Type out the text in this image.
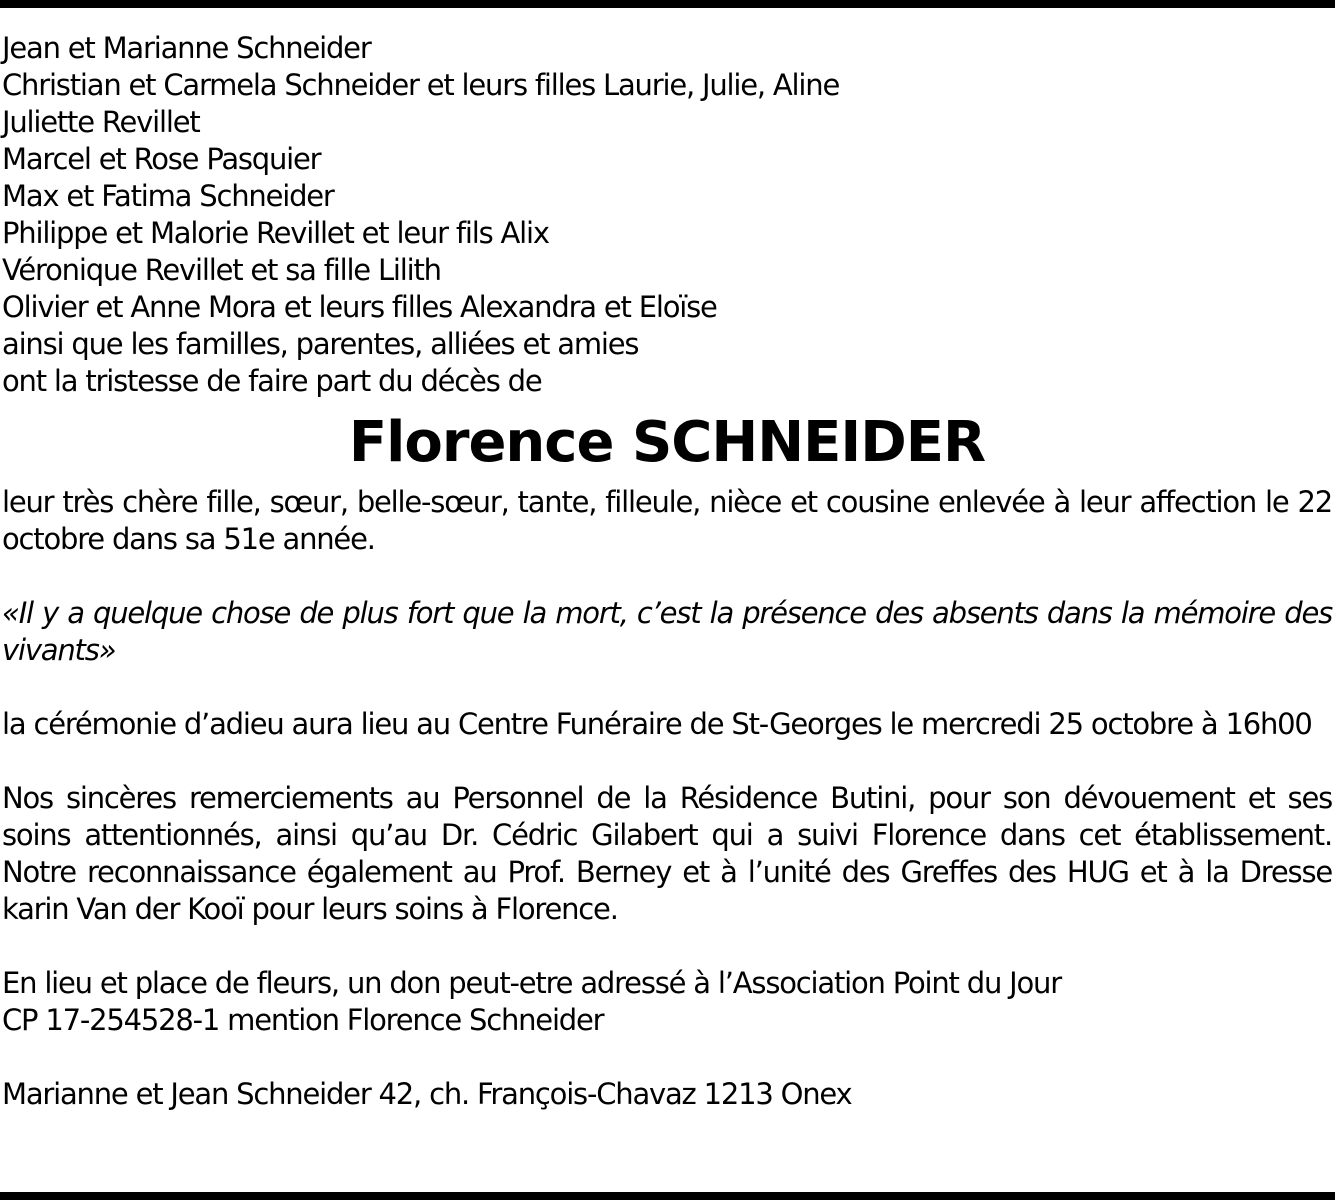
Jean et Marianne Schneider
Christian et Carmela Schneider et leurs filles Laurie, Julie, Aline
Juliette Revillet
Marcel et Rose Pasquier
Max et Fatima Schneider
Philippe et Malorie Revillet et leur fils Alix
Véronique Revillet et sa fille Lilith
Olivier et Anne Mora et leurs filles Alexandra et Eloïse
ainsi que les familles, parentes, alliées et amies
ont la tristesse de faire part du décès de
Florence SCHNEIDER

leur très chère fille, sœur, belle-sœur, tante, filleule, nièce et cousine enlevée à leur affection le 22 octobre dans sa 51e année.

«Il y a quelque chose de plus fort que la mort, c’est la présence des absents dans la mémoire des vivants»

la cérémonie d’adieu aura lieu au Centre Funéraire de St-Georges le mercredi 25 octobre à 16h00

Nos sincères remerciements au Personnel de la Résidence Butini, pour son dévouement et ses soins attentionnés, ainsi qu’au Dr. Cédric Gilabert qui a suivi Florence dans cet établissement. Notre reconnaissance également au Prof. Berney et à l’unité des Greffes des HUG et à la Dresse karin Van der Kooï pour leurs soins à Florence.

En lieu et place de fleurs, un don peut-etre adressé à l’Association Point du Jour
CP 17-254528-1 mention Florence Schneider
Marianne et Jean Schneider 42, ch. François-Chavaz 1213 Onex
